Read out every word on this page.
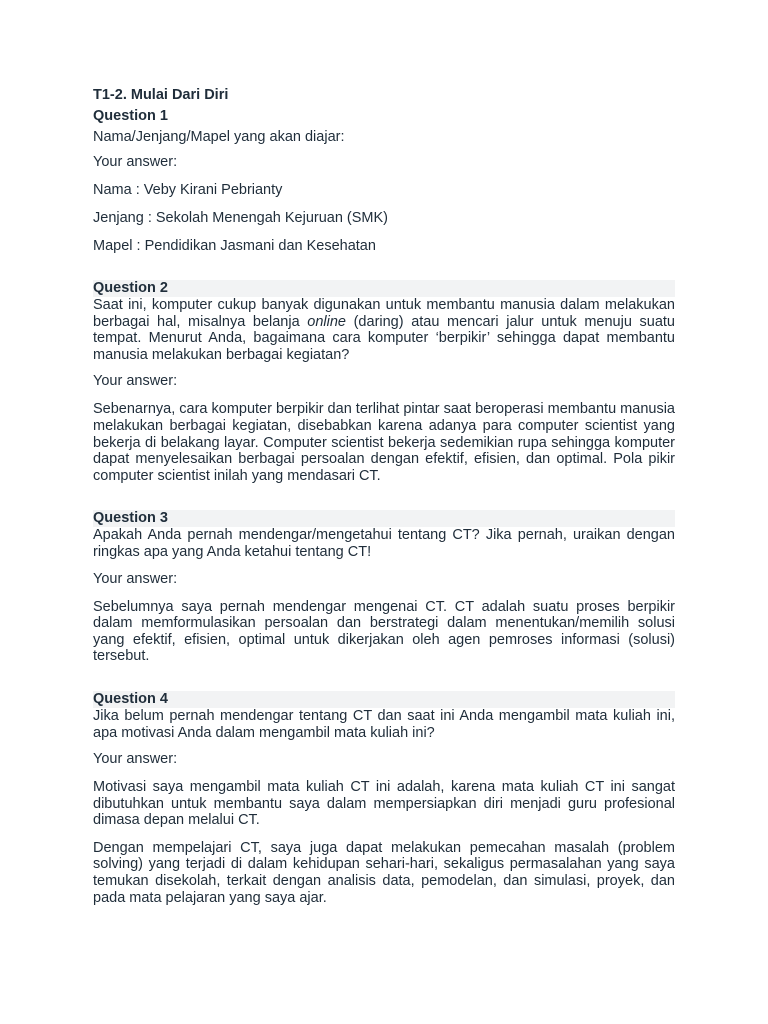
T1-2. Mulai Dari Diri

Question 1

Nama/Jenjang/Mapel yang akan diajar:

Your answer:

Nama : Veby Kirani Pebrianty

Jenjang : Sekolah Menengah Kejuruan (SMK)

Mapel : Pendidikan Jasmani dan Kesehatan

Question 2

Saat ini, komputer cukup banyak digunakan untuk membantu manusia dalam melakukan berbagai hal, misalnya belanja online (daring) atau mencari jalur untuk menuju suatu tempat. Menurut Anda, bagaimana cara komputer ‘berpikir’ sehingga dapat membantu manusia melakukan berbagai kegiatan?

Your answer:

Sebenarnya, cara komputer berpikir dan terlihat pintar saat beroperasi membantu manusia melakukan berbagai kegiatan, disebabkan karena adanya para computer scientist yang bekerja di belakang layar. Computer scientist bekerja sedemikian rupa sehingga komputer dapat menyelesaikan berbagai persoalan dengan efektif, efisien, dan optimal. Pola pikir computer scientist inilah yang mendasari CT.

Question 3

Apakah Anda pernah mendengar/mengetahui tentang CT? Jika pernah, uraikan dengan ringkas apa yang Anda ketahui tentang CT!

Your answer:

Sebelumnya saya pernah mendengar mengenai CT. CT adalah suatu proses berpikir dalam memformulasikan persoalan dan berstrategi dalam menentukan/memilih solusi yang efektif, efisien, optimal untuk dikerjakan oleh agen pemroses informasi (solusi) tersebut.

Question 4

Jika belum pernah mendengar tentang CT dan saat ini Anda mengambil mata kuliah ini, apa motivasi Anda dalam mengambil mata kuliah ini?

Your answer:

Motivasi saya mengambil mata kuliah CT ini adalah, karena mata kuliah CT ini sangat dibutuhkan untuk membantu saya dalam mempersiapkan diri menjadi guru profesional dimasa depan melalui CT.

Dengan mempelajari CT, saya juga dapat melakukan pemecahan masalah (problem solving) yang terjadi di dalam kehidupan sehari-hari, sekaligus permasalahan yang saya temukan disekolah, terkait dengan analisis data, pemodelan, dan simulasi, proyek, dan pada mata pelajaran yang saya ajar.
